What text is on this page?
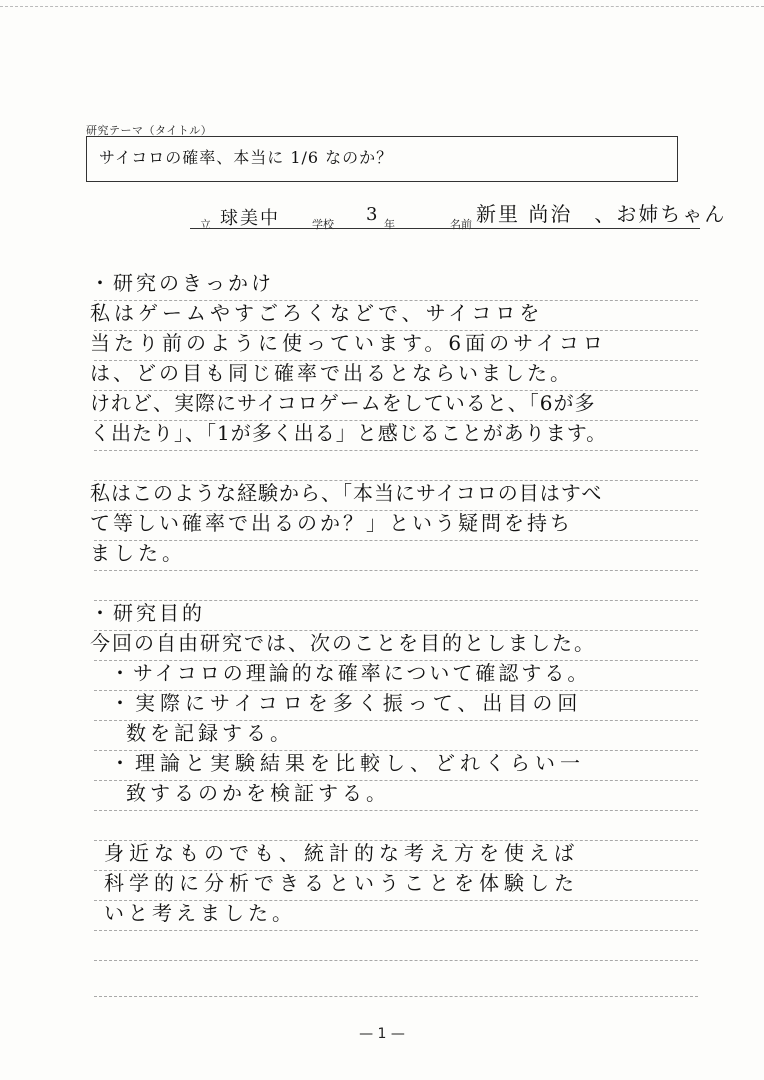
研究テーマ（タイトル）
サイコロの確率、本当に 1/6 なのか？
立 球美中	学校 3 年	名前 新里 尚治　、お姉ちゃん
・研究のきっかけ
私はゲームやすごろくなどで、サイコロを
当たり前のように使っています。6面のサイコロ
は、どの目も同じ確率で出るとならいました。
けれど、実際にサイコロゲームをしていると、「6が多
く出たり」、「1が多く出る」と感じることがあります。
私はこのような経験から、「本当にサイコロの目はすべ
て等しい確率で出るのか？」という疑問を持ち
ました。
・研究目的
今回の自由研究では、次のことを目的としました。
・サイコロの理論的な確率について確認する。
・実際にサイコロを多く振って、出目の回
数を記録する。
・理論と実験結果を比較し、どれくらい一
致するのかを検証する。
身近なものでも、統計的な考え方を使えば
科学的に分析できるということを体験した
いと考えました。
— 1 —
